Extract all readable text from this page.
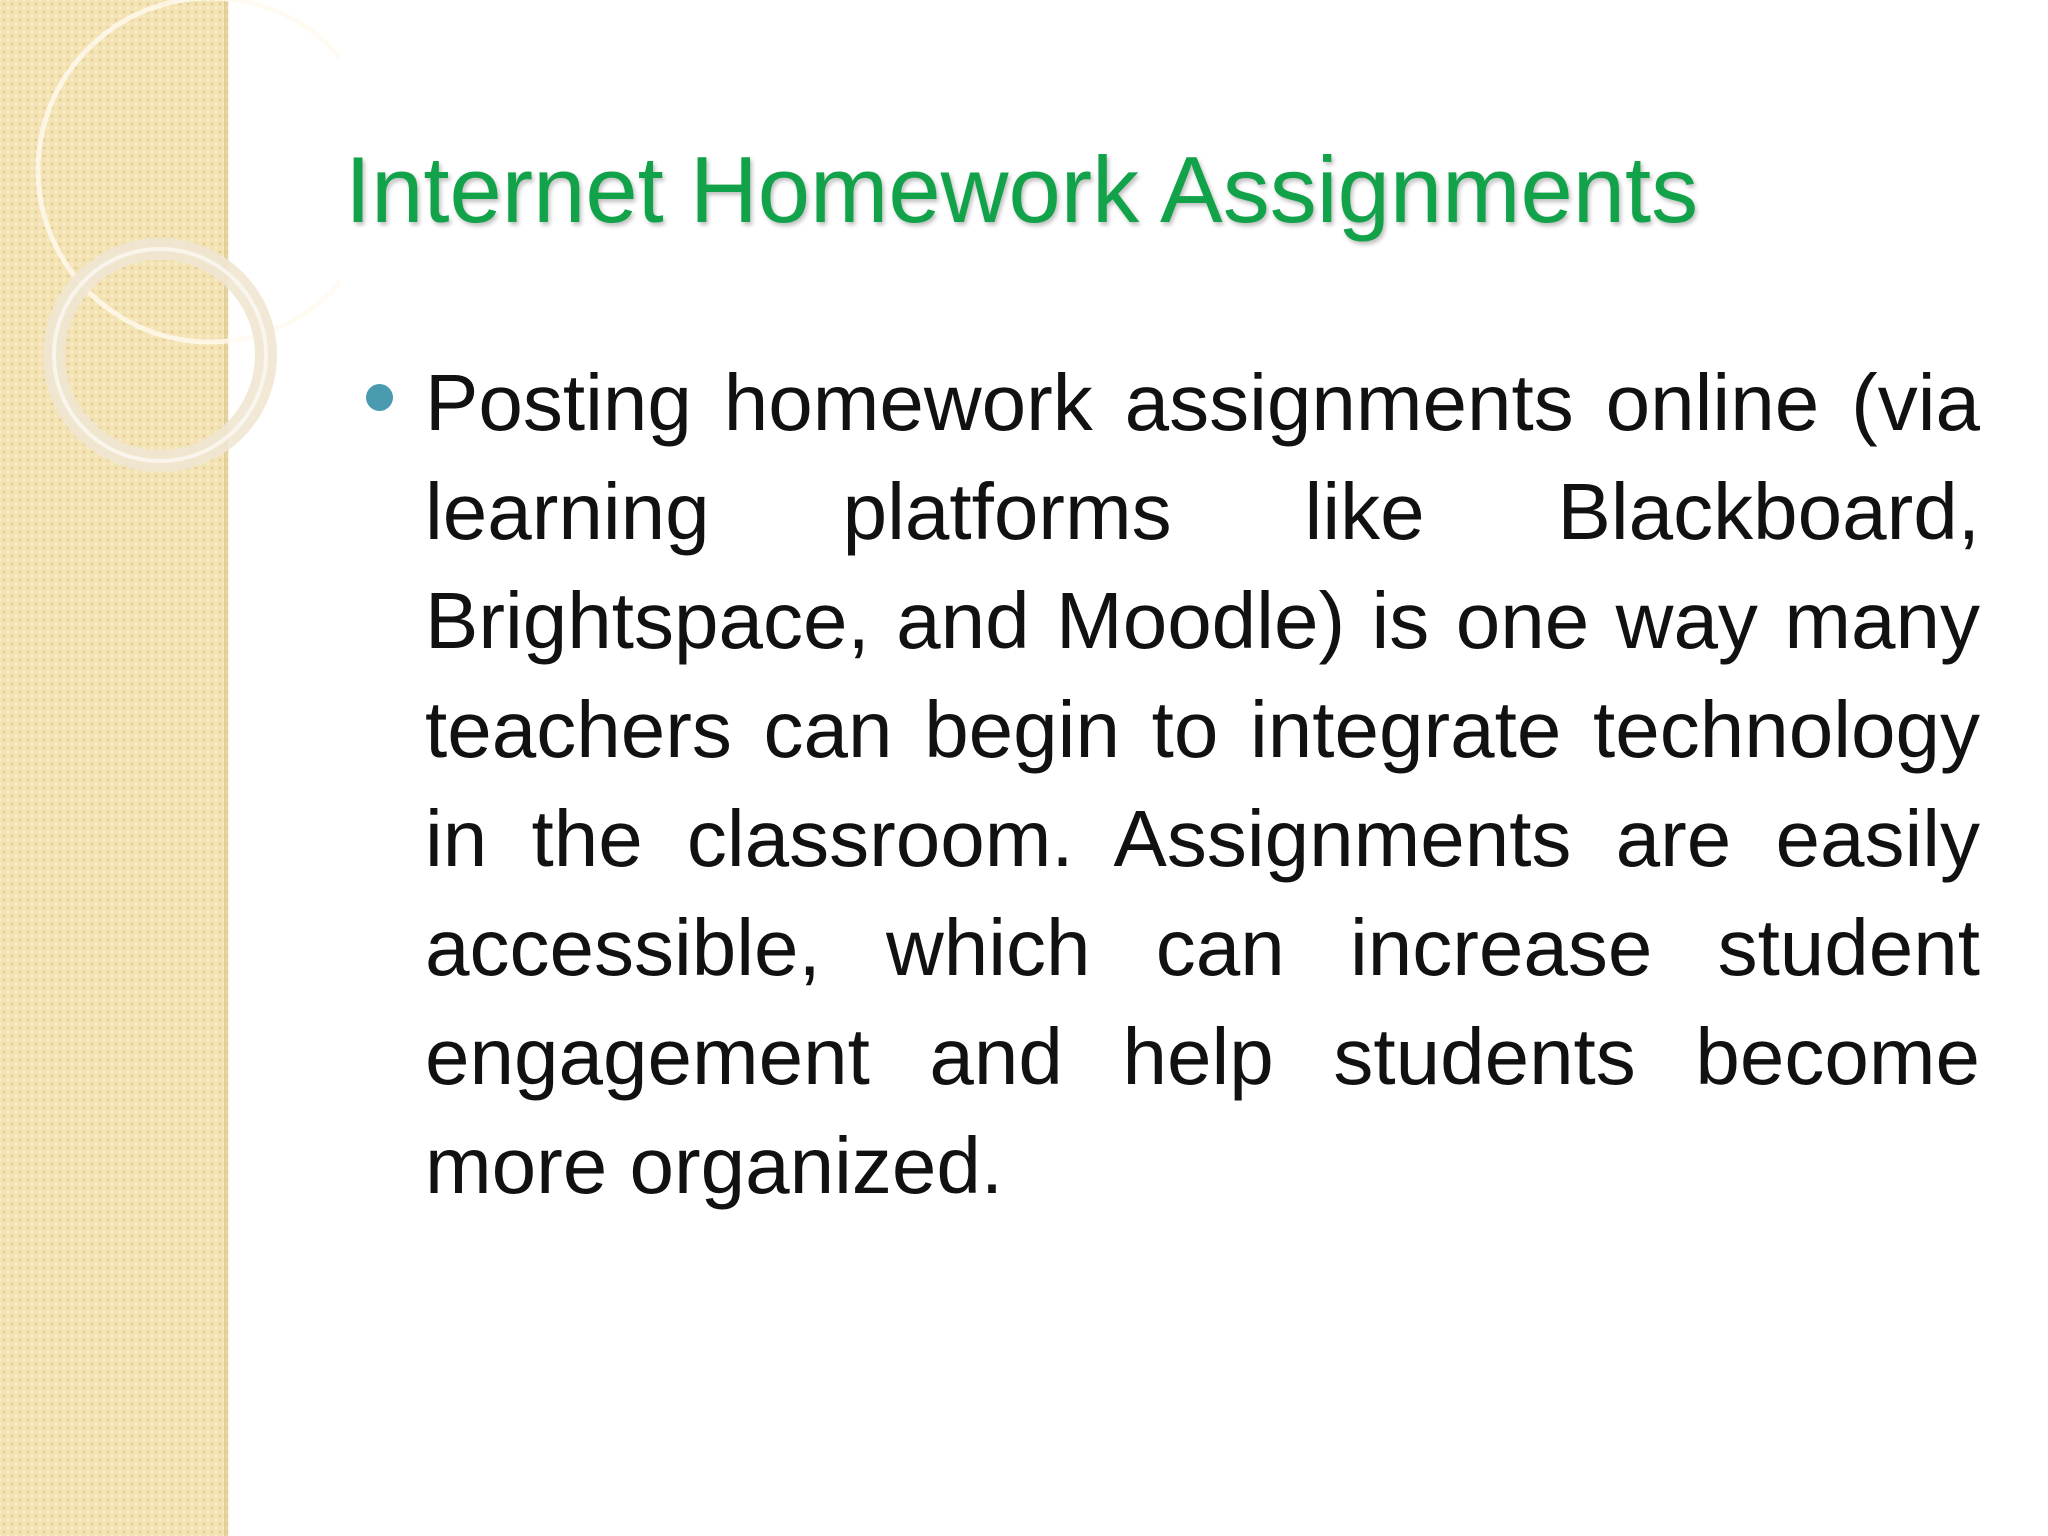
Internet Homework Assignments

Posting homework assignments online (via learning platforms like Blackboard, Brightspace, and Moodle) is one way many teachers can begin to integrate technology in the classroom. Assignments are easily accessible, which can increase student engagement and help students become more organized.
